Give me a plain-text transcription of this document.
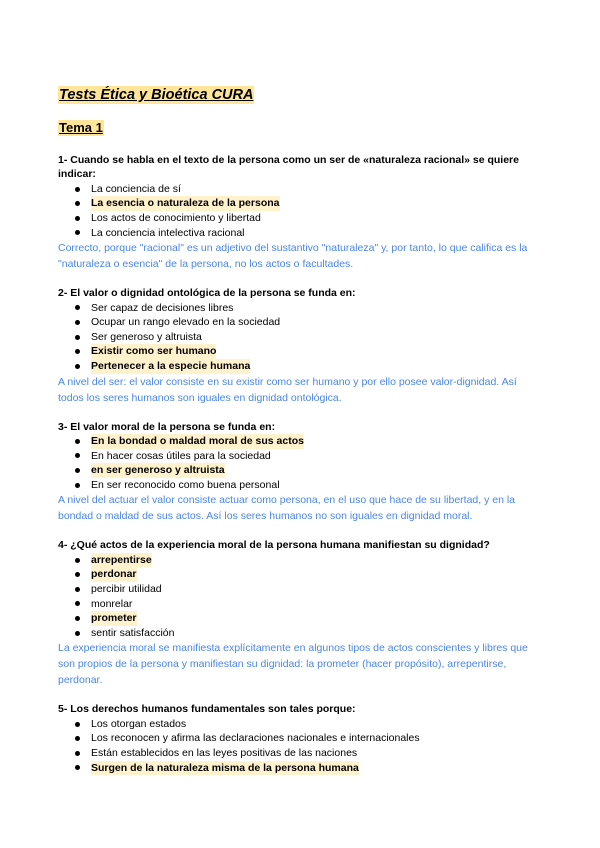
Tests Ética y Bioética CURA
Tema 1

1- Cuando se habla en el texto de la persona como un ser de «naturaleza racional» se quiere indicar:

La conciencia de sí
La esencia o naturaleza de la persona
Los actos de conocimiento y libertad
La conciencia intelectiva racional

Correcto, porque "racional" es un adjetivo del sustantivo "naturaleza" y, por tanto, lo que califica es la "naturaleza o esencia" de la persona, no los actos o facultades.

2- El valor o dignidad ontológica de la persona se funda en:

Ser capaz de decisiones libres
Ocupar un rango elevado en la sociedad
Ser generoso y altruista
Existir como ser humano
Pertenecer a la especie humana

A nivel del ser: el valor consiste en su existir como ser humano y por ello posee valor-dignidad. Así todos los seres humanos son iguales en dignidad ontológica.

3- El valor moral de la persona se funda en:

En la bondad o maldad moral de sus actos
En hacer cosas útiles para la sociedad
en ser generoso y altruista
En ser reconocido como buena personal

A nivel del actuar el valor consiste actuar como persona, en el uso que hace de su libertad, y en la bondad o maldad de sus actos. Así los seres humanos no son iguales en dignidad moral.

4- ¿Qué actos de la experiencia moral de la persona humana manifiestan su dignidad?

arrepentirse
perdonar
percibir utilidad
monrelar
prometer
sentir satisfacción

La experiencia moral se manifiesta explícitamente en algunos tipos de actos conscientes y libres que son propios de la persona y manifiestan su dignidad: la prometer (hacer propósito), arrepentirse, perdonar.

5- Los derechos humanos fundamentales son tales porque:

Los otorgan estados
Los reconocen y afirma las declaraciones nacionales e internacionales
Están establecidos en las leyes positivas de las naciones
Surgen de la naturaleza misma de la persona humana
